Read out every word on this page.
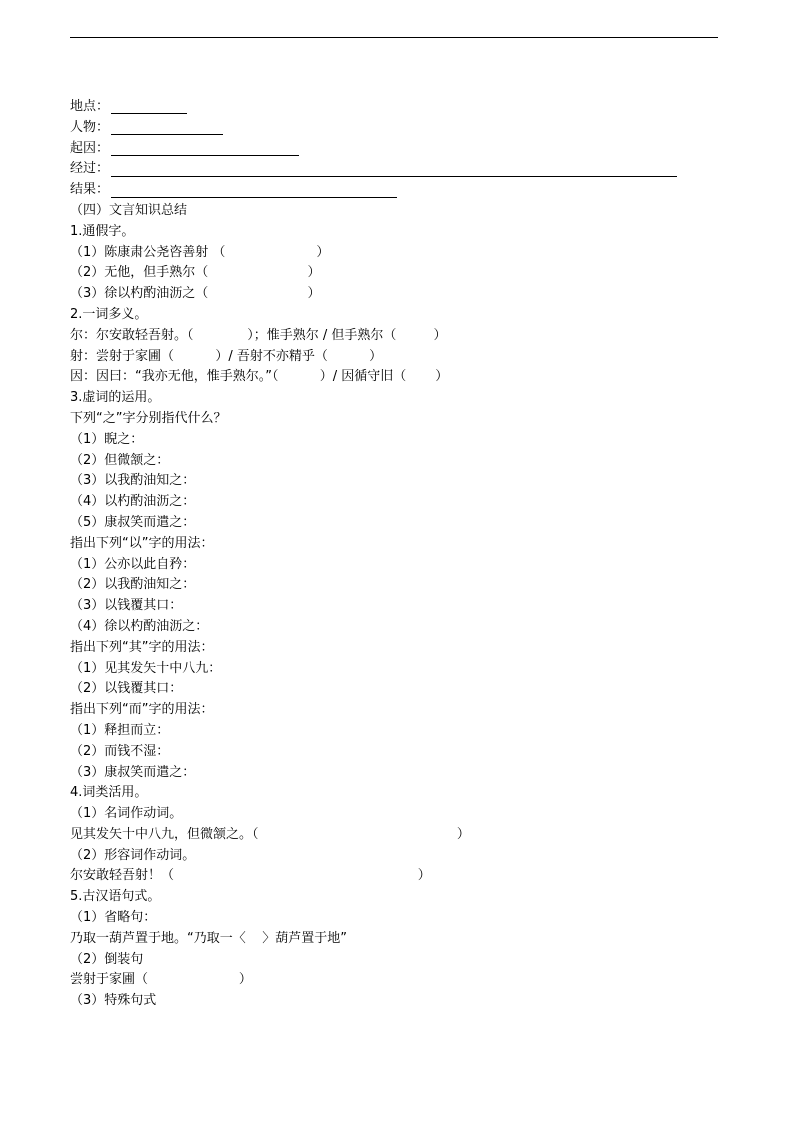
地点：
人物：
起因：
经过：
结果：
（四）文言知识总结
1.通假字。
（1）陈康肃公尧咨善射 （                      ）
（2）无他，但手熟尔（                        ）
（3）徐以杓酌油沥之（                        ）
2.一词多义。
尔：尔安敢轻吾射。（             ）；惟手熟尔 / 但手熟尔（         ）
射：尝射于家圃（          ）/ 吾射不亦精乎（          ）
因：因曰：“我亦无他，惟手熟尔。”（          ）/ 因循守旧（       ）
3.虚词的运用。
下列“之”字分别指代什么？
（1）睨之：
（2）但微颔之：
（3）以我酌油知之：
（4）以杓酌油沥之：
（5）康叔笑而遣之：
指出下列“以”字的用法：
（1）公亦以此自矜：
（2）以我酌油知之：
（3）以钱覆其口：
（4）徐以杓酌油沥之：
指出下列“其”字的用法：
（1）见其发矢十中八九：
（2）以钱覆其口：
指出下列“而”字的用法：
（1）释担而立：
（2）而钱不湿：
（3）康叔笑而遣之：
4.词类活用。
（1）名词作动词。
见其发矢十中八九，但微颔之。（                                                ）
（2）形容词作动词。
尔安敢轻吾射！（                                                           ）
5.古汉语句式。
（1）省略句：
乃取一葫芦置于地。“乃取一〈    〉葫芦置于地”
（2）倒装句
尝射于家圃（                      ）
（3）特殊句式
